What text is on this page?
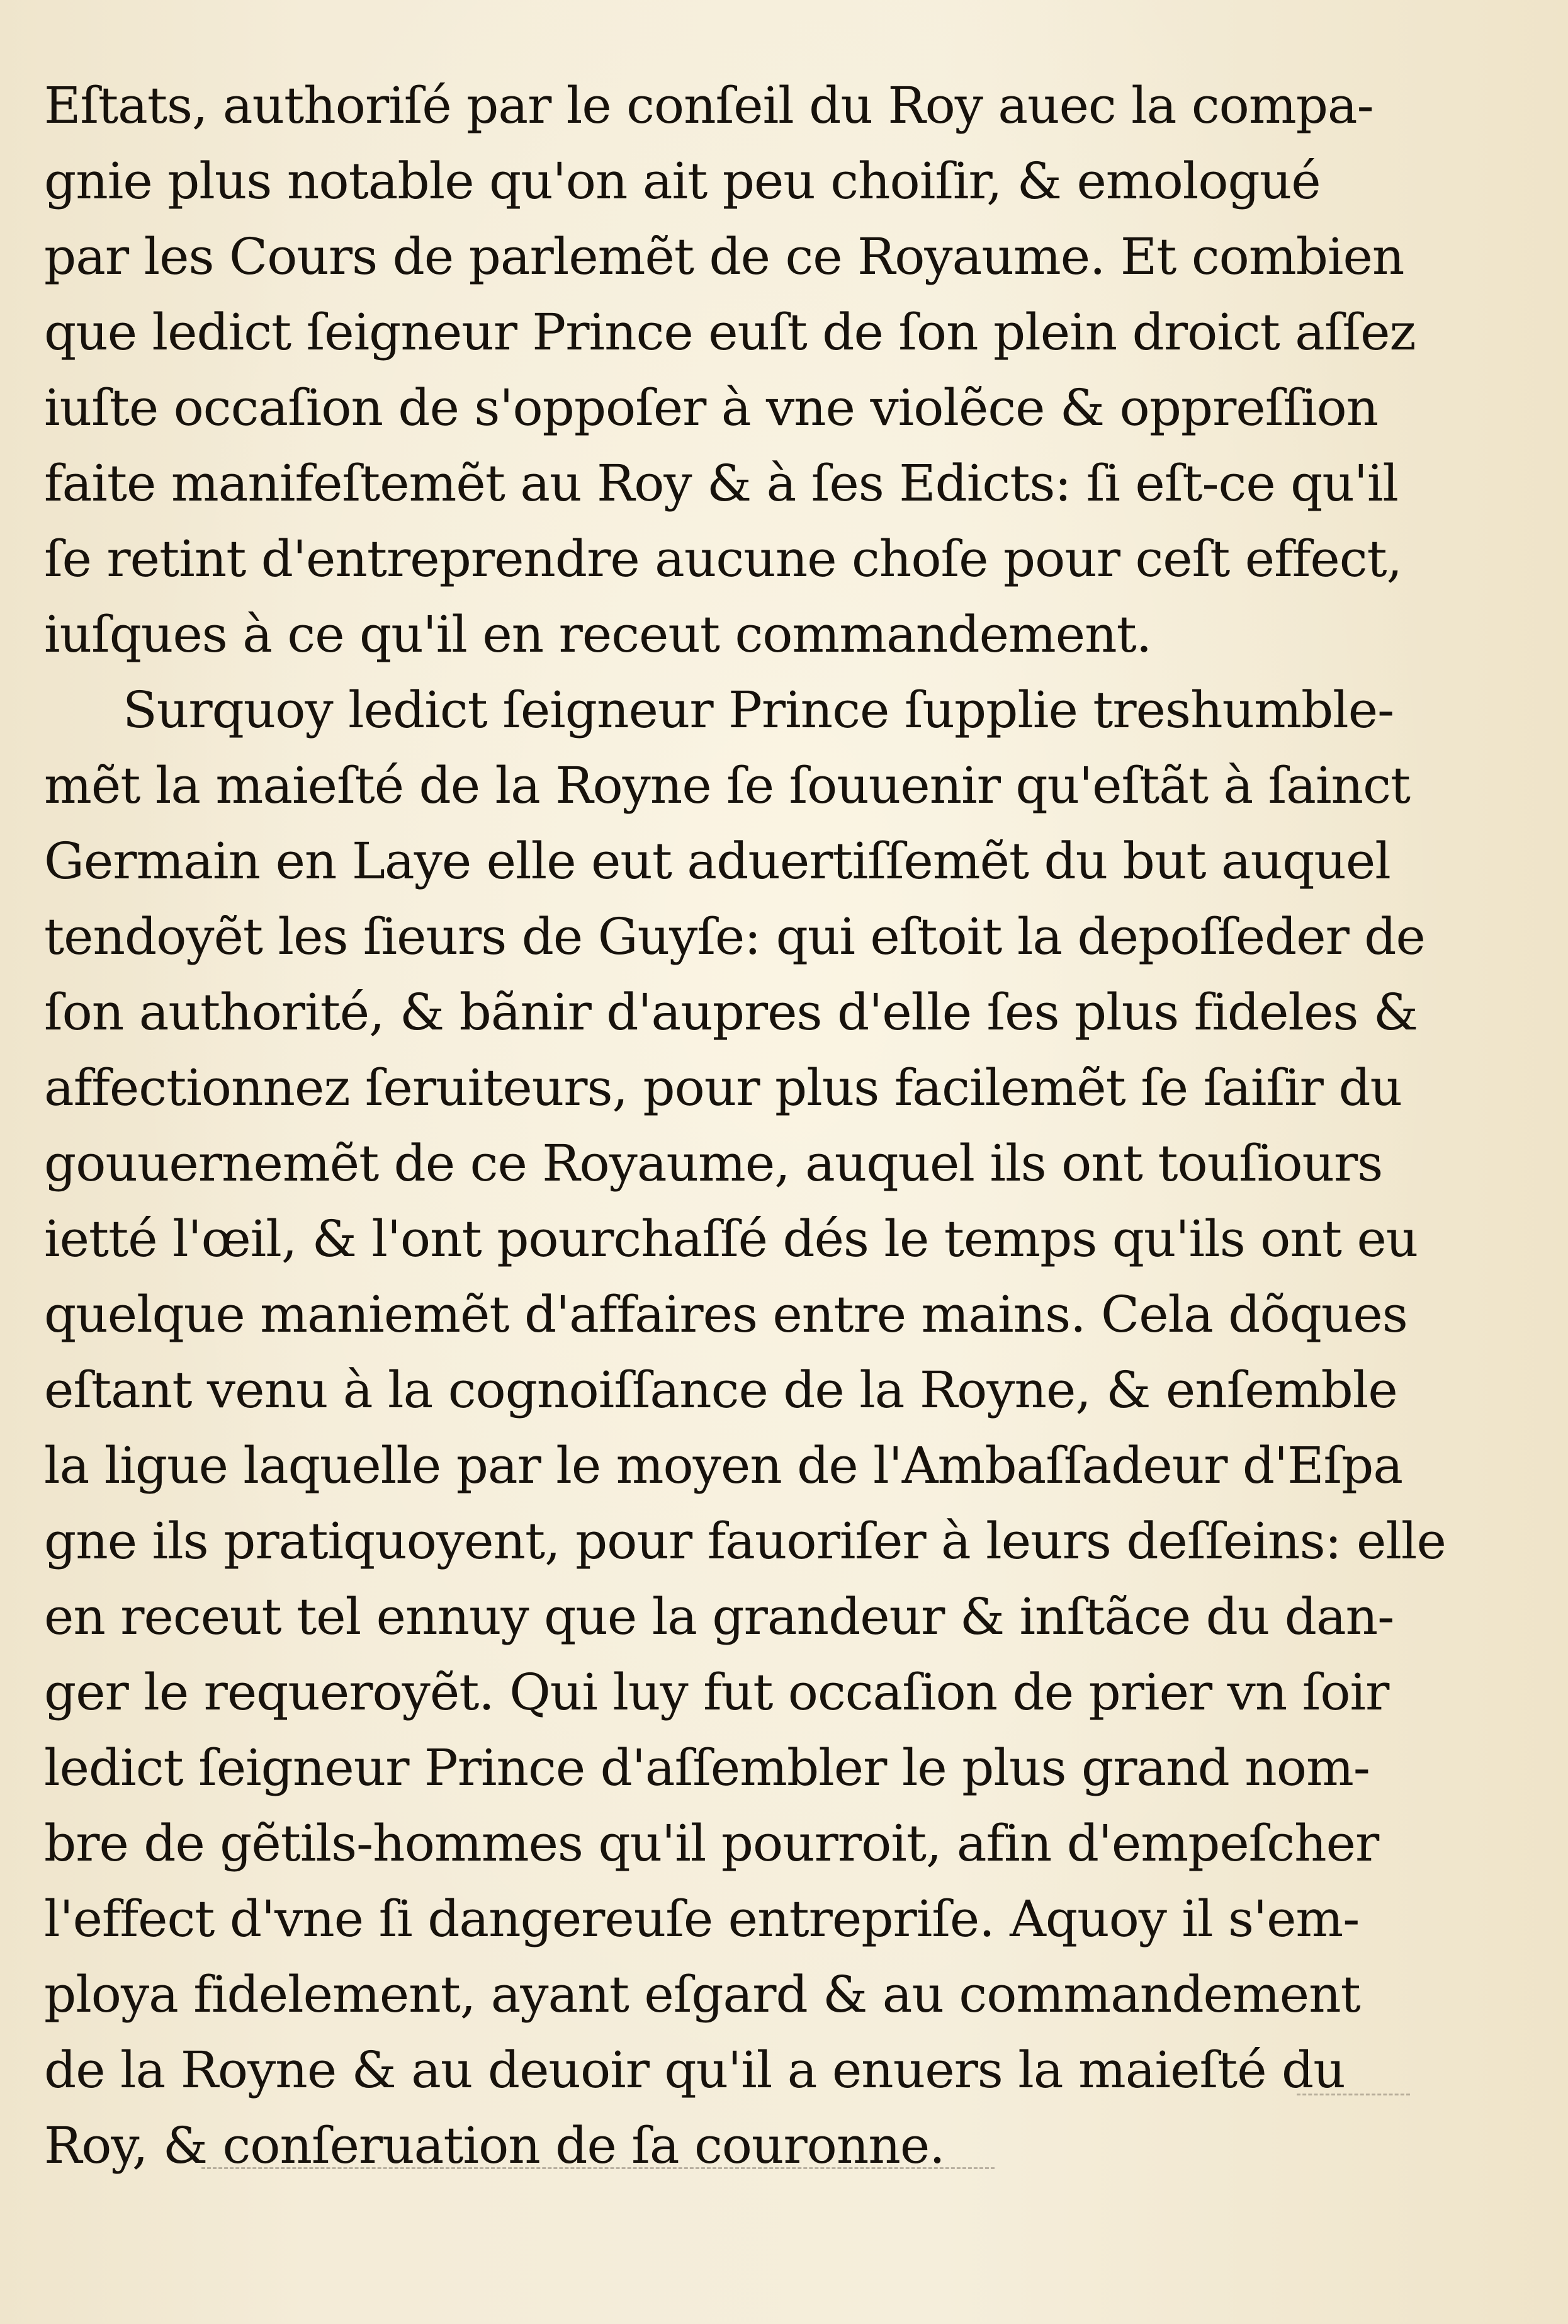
Eſtats, authoriſé par le conſeil du Roy auec la compa-
gnie plus notable qu'on ait peu choiſir, & emologué
par les Cours de parlemẽt de ce Royaume. Et combien
que ledict ſeigneur Prince euſt de ſon plein droict aſſez
iuſte occaſion de s'oppoſer à vne violẽce & oppreſſion
faite manifeſtemẽt au Roy & à ſes Edicts: ſi eſt-ce qu'il
ſe retint d'entreprendre aucune choſe pour ceſt effect,
iuſques à ce qu'il en receut commandement.
Surquoy ledict ſeigneur Prince ſupplie treshumble-
mẽt la maieſté de la Royne ſe ſouuenir qu'eſtãt à ſainct
Germain en Laye elle eut aduertiſſemẽt du but auquel
tendoyẽt les ſieurs de Guyſe: qui eſtoit la depoſſeder de
ſon authorité, & bãnir d'aupres d'elle ſes plus fideles &
affectionnez ſeruiteurs, pour plus facilemẽt ſe ſaiſir du
gouuernemẽt de ce Royaume, auquel ils ont touſiours
ietté l'œil, & l'ont pourchaſſé dés le temps qu'ils ont eu
quelque maniemẽt d'affaires entre mains. Cela dõques
eſtant venu à la cognoiſſance de la Royne, & enſemble
la ligue laquelle par le moyen de l'Ambaſſadeur d'Eſpa
gne ils pratiquoyent, pour fauoriſer à leurs deſſeins: elle
en receut tel ennuy que la grandeur & inſtãce du dan-
ger le requeroyẽt. Qui luy fut occaſion de prier vn ſoir
ledict ſeigneur Prince d'aſſembler le plus grand nom-
bre de gẽtils-hommes qu'il pourroit, afin d'empeſcher
l'effect d'vne ſi dangereuſe entrepriſe. Aquoy il s'em-
ploya fidelement, ayant eſgard & au commandement
de la Royne & au deuoir qu'il a enuers la maieſté du
Roy, & conſeruation de ſa couronne.
